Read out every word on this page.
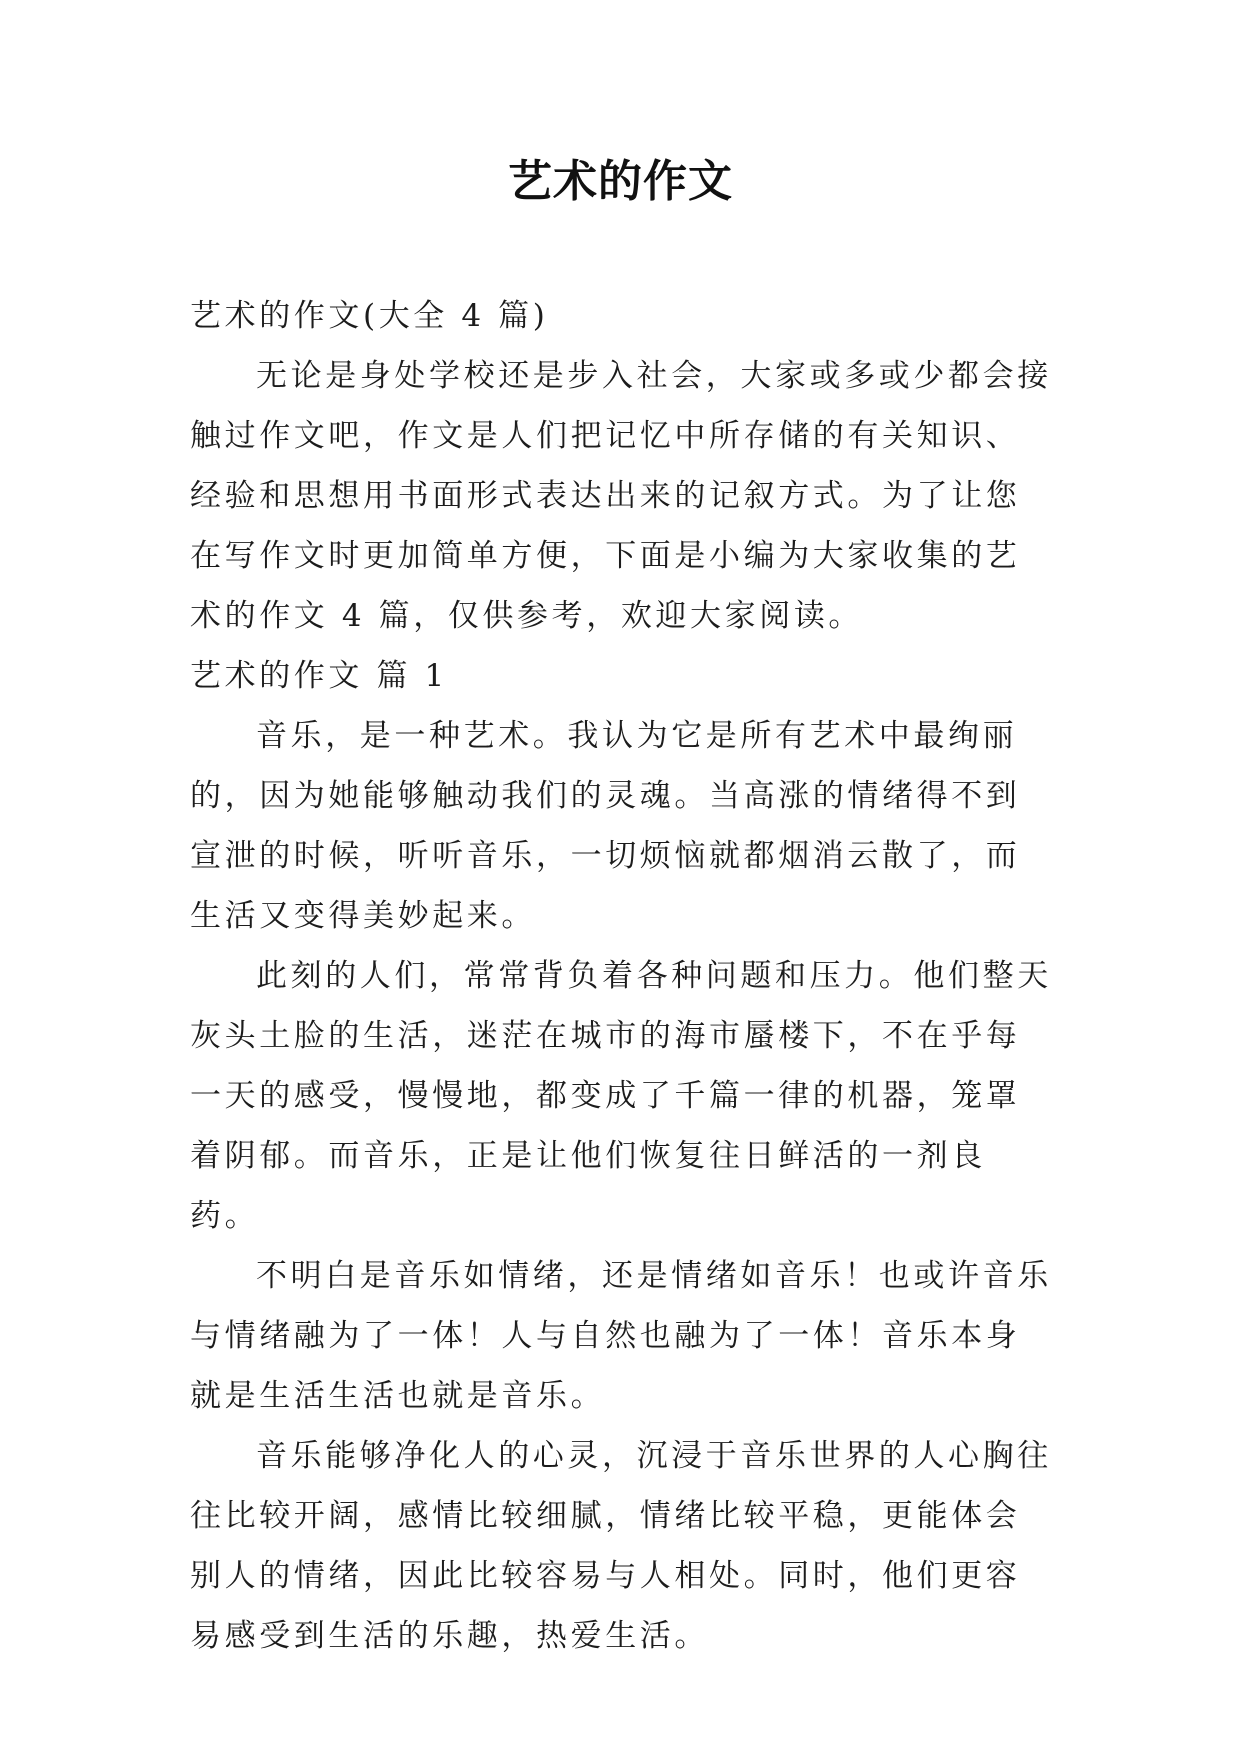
艺术的作文

艺术的作文(大全 4 篇)

无论是身处学校还是步入社会，大家或多或少都会接触过作文吧，作文是人们把记忆中所存储的有关知识、经验和思想用书面形式表达出来的记叙方式。为了让您在写作文时更加简单方便，下面是小编为大家收集的艺术的作文 4 篇，仅供参考，欢迎大家阅读。

艺术的作文 篇 1

音乐，是一种艺术。我认为它是所有艺术中最绚丽的，因为她能够触动我们的灵魂。当高涨的情绪得不到宣泄的时候，听听音乐，一切烦恼就都烟消云散了，而生活又变得美妙起来。

此刻的人们，常常背负着各种问题和压力。他们整天灰头土脸的生活，迷茫在城市的海市蜃楼下，不在乎每一天的感受，慢慢地，都变成了千篇一律的机器，笼罩着阴郁。而音乐，正是让他们恢复往日鲜活的一剂良药。

不明白是音乐如情绪，还是情绪如音乐！也或许音乐与情绪融为了一体！人与自然也融为了一体！音乐本身就是生活生活也就是音乐。

音乐能够净化人的心灵，沉浸于音乐世界的人心胸往往比较开阔，感情比较细腻，情绪比较平稳，更能体会别人的情绪，因此比较容易与人相处。同时，他们更容易感受到生活的乐趣，热爱生活。
